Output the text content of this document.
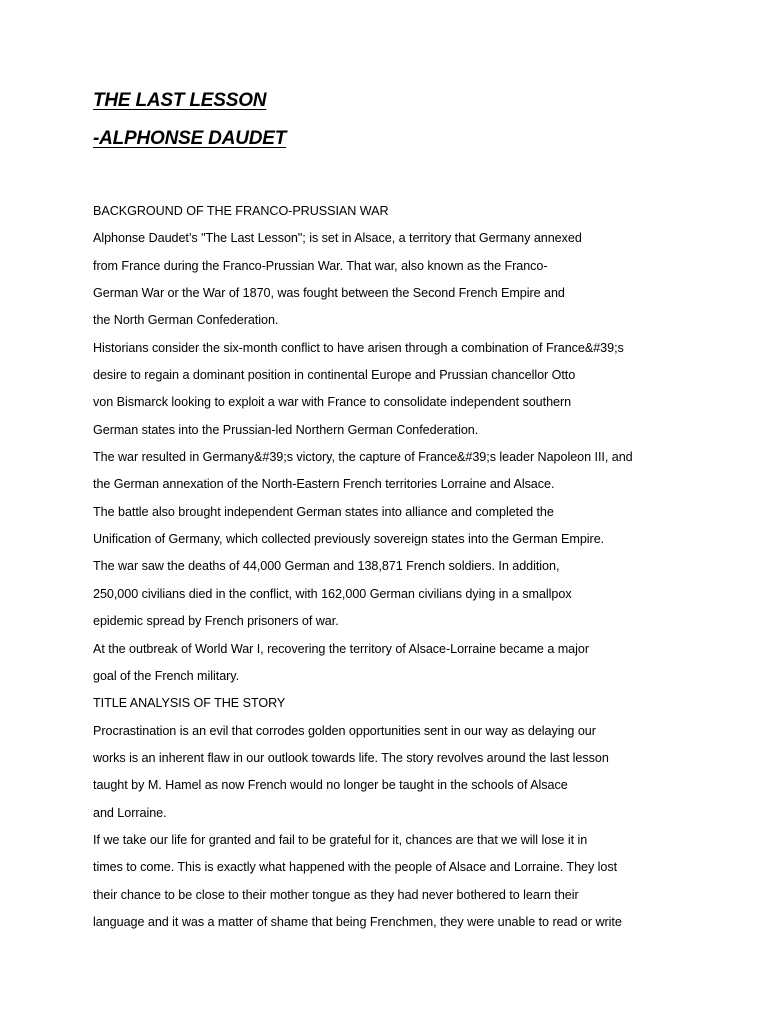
THE LAST LESSON
-ALPHONSE DAUDET
BACKGROUND OF THE FRANCO-PRUSSIAN WAR
Alphonse Daudet’s "The Last Lesson"; is set in Alsace, a territory that Germany annexed
from France during the Franco-Prussian War. That war, also known as the Franco-
German War or the War of 1870, was fought between the Second French Empire and
the North German Confederation.
Historians consider the six-month conflict to have arisen through a combination of France&#39;s
desire to regain a dominant position in continental Europe and Prussian chancellor Otto
von Bismarck looking to exploit a war with France to consolidate independent southern
German states into the Prussian-led Northern German Confederation.
The war resulted in Germany&#39;s victory, the capture of France&#39;s leader Napoleon III, and
the German annexation of the North-Eastern French territories Lorraine and Alsace.
The battle also brought independent German states into alliance and completed the
Unification of Germany, which collected previously sovereign states into the German Empire.
The war saw the deaths of 44,000 German and 138,871 French soldiers. In addition,
250,000 civilians died in the conflict, with 162,000 German civilians dying in a smallpox
epidemic spread by French prisoners of war.
At the outbreak of World War I, recovering the territory of Alsace-Lorraine became a major
goal of the French military.
TITLE ANALYSIS OF THE STORY
Procrastination is an evil that corrodes golden opportunities sent in our way as delaying our
works is an inherent flaw in our outlook towards life. The story revolves around the last lesson
taught by M. Hamel as now French would no longer be taught in the schools of Alsace
and Lorraine.
If we take our life for granted and fail to be grateful for it, chances are that we will lose it in
times to come. This is exactly what happened with the people of Alsace and Lorraine. They lost
their chance to be close to their mother tongue as they had never bothered to learn their
language and it was a matter of shame that being Frenchmen, they were unable to read or write
